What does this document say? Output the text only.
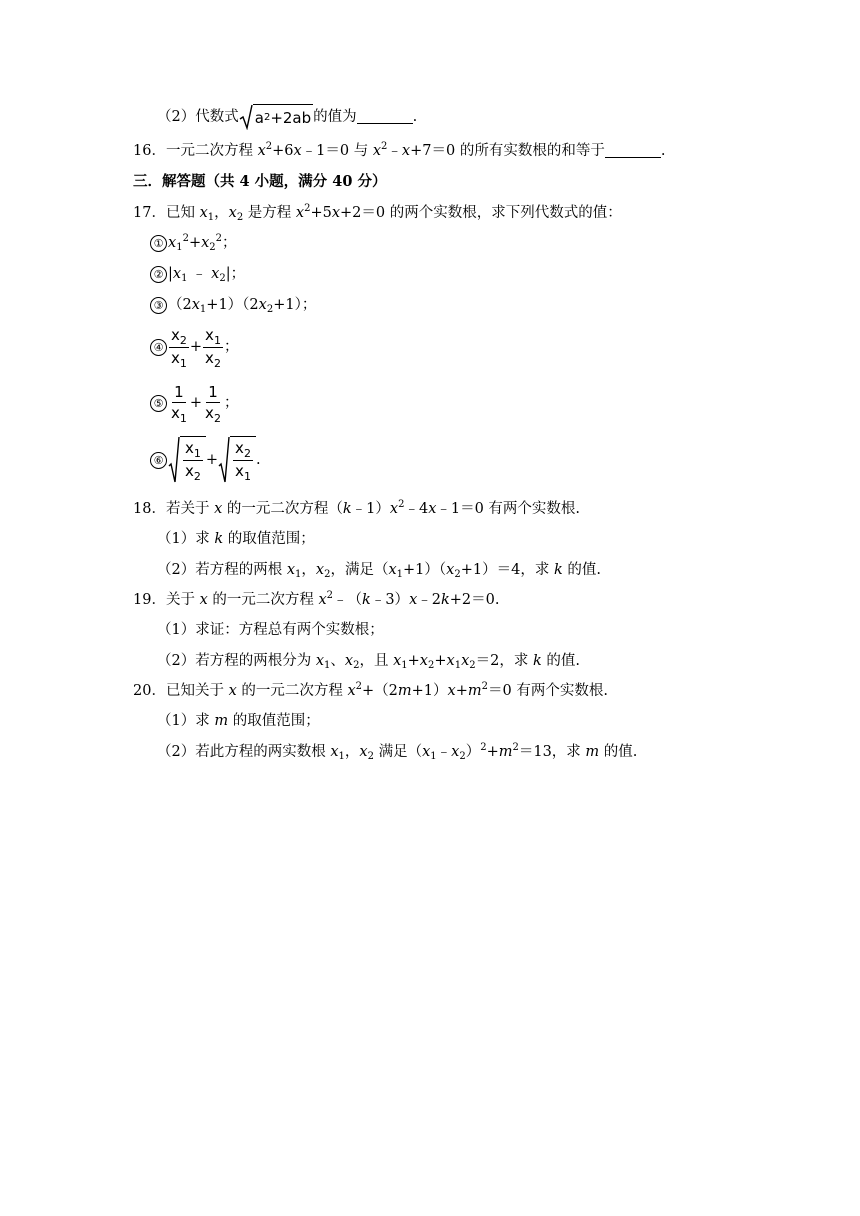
（2）代数式 a 2 +2ab 的值为	.
16．一元二次方程 $x^2+6x﹣1=0$ 与 $x^2﹣x+7=0$ 的所有实数根的和等于	.
三．解答题（共 4 小题，满分 40 分）
17．已知 $x_1$，$x_2$ 是方程 $x^2+5x+2=0$ 的两个实数根，求下列代数式的值：
① $x_1^2+x_2^2$；
② $|x_1$ ﹣ $x_2|$；
③ $(2x_1+1)(2x_2+1)$；
④ $\frac{x_2}{x_1} + \frac{x_1}{x_2}$ ；
⑤ $\frac{1}{x_1} + \frac{1}{x_2}$ ；
⑥ $\frac{x_1}{x_2} + \frac{x_2}{x_1}$ .
18．若关于 x 的一元二次方程$(k﹣1)x^2﹣4x﹣1=0$ 有两个实数根.
（1）求 k 的取值范围；
（2）若方程的两根 $x_1$，$x_2$，满足$(x_1+1)(x_2+1)=4$，求 k 的值.
19．关于 x 的一元二次方程 $x^2﹣(k﹣3)x﹣2k+2=0$.
（1）求证：方程总有两个实数根；
（2）若方程的两根分为 $x_1$、$x_2$，且 $x_1+x_2+x_1x_2=2$，求 k 的值.
20．已知关于 x 的一元二次方程 $x^2+(2m+1)x+m^2=0$ 有两个实数根.
（1）求 m 的取值范围；
（2）若此方程的两实数根 $x_1$，$x_2$ 满足$(x_1﹣x_2)^2+m^2=13$，求 m 的值.
